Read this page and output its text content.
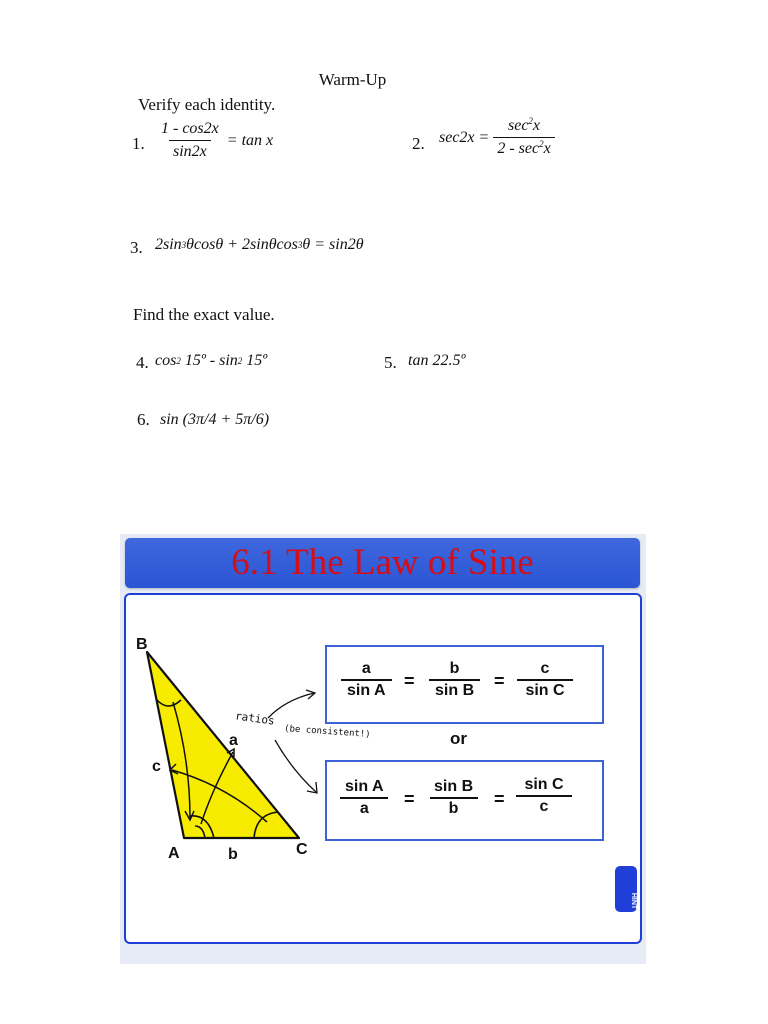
Warm-Up
Verify each identity.
1. $\frac{1 - \cos 2x}{\sin 2x} = \tan x$	2. $\sec 2x = \frac{\sec^2x}{2 - \sec^2x}$
3. 2sin 3 θcosθ + 2sinθcos 3 θ = sin2θ
Find the exact value.
4. cos 2 15º - sin 2 15º	5. tan 22.5º
6. sin (3π/4 + 5π/6)
6.1 The Law of Sine
B
A	C
a
b
c
ratios
(be consistent!)
$\frac{a}{\text{sin A}} = \frac{b}{\text{sin B}} = \frac{c}{\text{sin C}}$
or
$\frac{\text{sin A}}{a} = \frac{\text{sin B}}{b} = \frac{\text{sin C}}{c}$
HINT
